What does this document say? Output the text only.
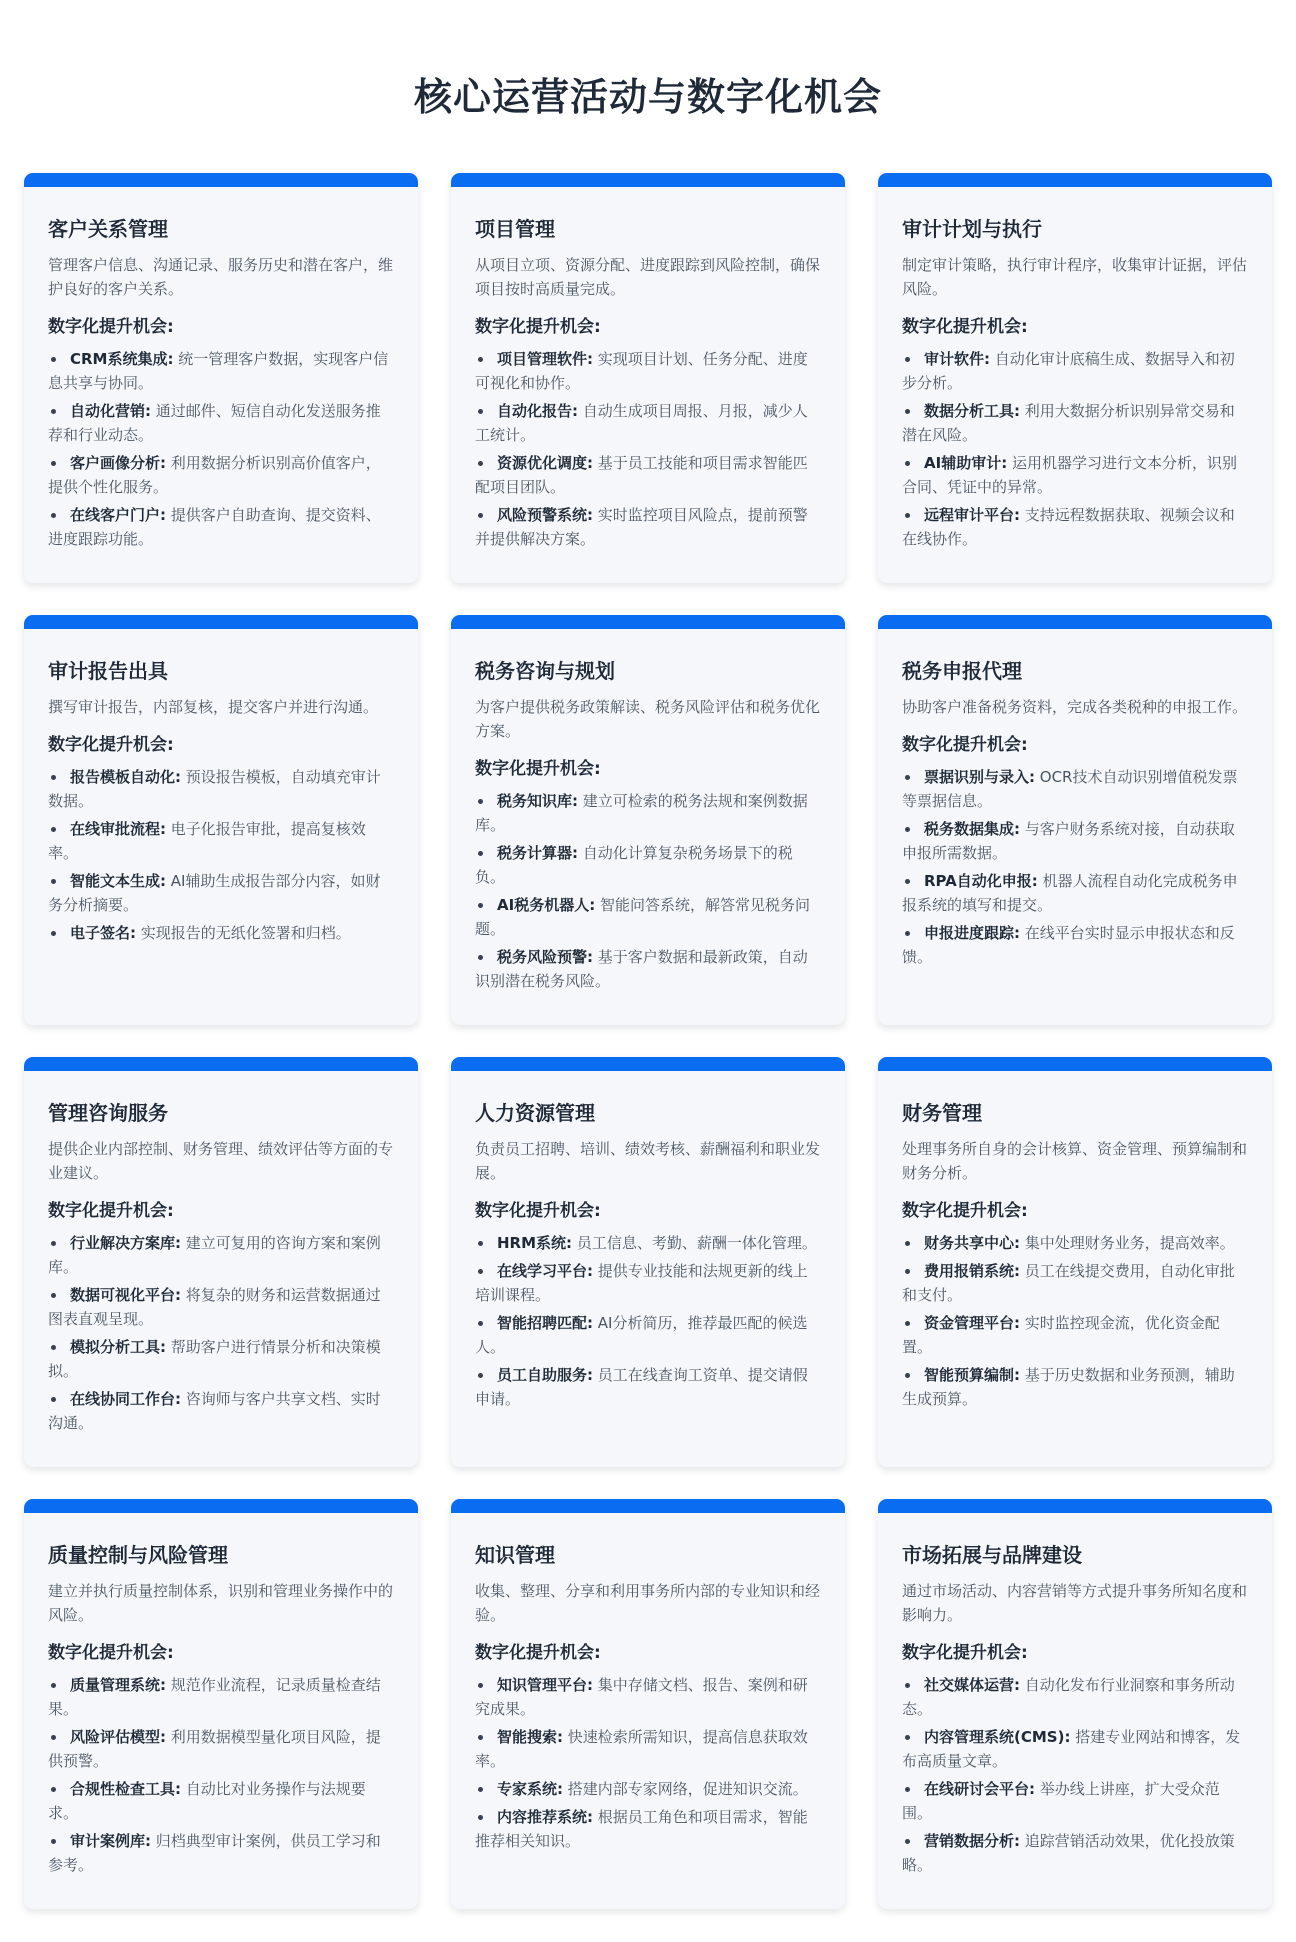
核心运营活动与数字化机会
客户关系管理

管理客户信息、沟通记录、服务历史和潜在客户，维护良好的客户关系。

数字化提升机会:
CRM系统集成: 统一管理客户数据，实现客户信息共享与协同。
自动化营销: 通过邮件、短信自动化发送服务推荐和行业动态。
客户画像分析: 利用数据分析识别高价值客户，提供个性化服务。
在线客户门户: 提供客户自助查询、提交资料、进度跟踪功能。
项目管理

从项目立项、资源分配、进度跟踪到风险控制，确保项目按时高质量完成。

数字化提升机会:
项目管理软件: 实现项目计划、任务分配、进度可视化和协作。
自动化报告: 自动生成项目周报、月报，减少人工统计。
资源优化调度: 基于员工技能和项目需求智能匹配项目团队。
风险预警系统: 实时监控项目风险点，提前预警并提供解决方案。
审计计划与执行

制定审计策略，执行审计程序，收集审计证据，评估风险。

数字化提升机会:
审计软件: 自动化审计底稿生成、数据导入和初步分析。
数据分析工具: 利用大数据分析识别异常交易和潜在风险。
AI辅助审计: 运用机器学习进行文本分析，识别合同、凭证中的异常。
远程审计平台: 支持远程数据获取、视频会议和在线协作。
审计报告出具

撰写审计报告，内部复核，提交客户并进行沟通。

数字化提升机会:
报告模板自动化: 预设报告模板，自动填充审计数据。
在线审批流程: 电子化报告审批，提高复核效率。
智能文本生成: AI辅助生成报告部分内容，如财务分析摘要。
电子签名: 实现报告的无纸化签署和归档。
税务咨询与规划

为客户提供税务政策解读、税务风险评估和税务优化方案。

数字化提升机会:
税务知识库: 建立可检索的税务法规和案例数据库。
税务计算器: 自动化计算复杂税务场景下的税负。
AI税务机器人: 智能问答系统，解答常见税务问题。
税务风险预警: 基于客户数据和最新政策，自动识别潜在税务风险。
税务申报代理

协助客户准备税务资料，完成各类税种的申报工作。

数字化提升机会:
票据识别与录入: OCR技术自动识别增值税发票等票据信息。
税务数据集成: 与客户财务系统对接，自动获取申报所需数据。
RPA自动化申报: 机器人流程自动化完成税务申报系统的填写和提交。
申报进度跟踪: 在线平台实时显示申报状态和反馈。
管理咨询服务

提供企业内部控制、财务管理、绩效评估等方面的专业建议。

数字化提升机会:
行业解决方案库: 建立可复用的咨询方案和案例库。
数据可视化平台: 将复杂的财务和运营数据通过图表直观呈现。
模拟分析工具: 帮助客户进行情景分析和决策模拟。
在线协同工作台: 咨询师与客户共享文档、实时沟通。
人力资源管理

负责员工招聘、培训、绩效考核、薪酬福利和职业发展。

数字化提升机会:
HRM系统: 员工信息、考勤、薪酬一体化管理。
在线学习平台: 提供专业技能和法规更新的线上培训课程。
智能招聘匹配: AI分析简历，推荐最匹配的候选人。
员工自助服务: 员工在线查询工资单、提交请假申请。
财务管理

处理事务所自身的会计核算、资金管理、预算编制和财务分析。

数字化提升机会:
财务共享中心: 集中处理财务业务，提高效率。
费用报销系统: 员工在线提交费用，自动化审批和支付。
资金管理平台: 实时监控现金流，优化资金配置。
智能预算编制: 基于历史数据和业务预测，辅助生成预算。
质量控制与风险管理

建立并执行质量控制体系，识别和管理业务操作中的风险。

数字化提升机会:
质量管理系统: 规范作业流程，记录质量检查结果。
风险评估模型: 利用数据模型量化项目风险，提供预警。
合规性检查工具: 自动比对业务操作与法规要求。
审计案例库: 归档典型审计案例，供员工学习和参考。
知识管理

收集、整理、分享和利用事务所内部的专业知识和经验。

数字化提升机会:
知识管理平台: 集中存储文档、报告、案例和研究成果。
智能搜索: 快速检索所需知识，提高信息获取效率。
专家系统: 搭建内部专家网络，促进知识交流。
内容推荐系统: 根据员工角色和项目需求，智能推荐相关知识。
市场拓展与品牌建设

通过市场活动、内容营销等方式提升事务所知名度和影响力。

数字化提升机会:
社交媒体运营: 自动化发布行业洞察和事务所动态。
内容管理系统(CMS): 搭建专业网站和博客，发布高质量文章。
在线研讨会平台: 举办线上讲座，扩大受众范围。
营销数据分析: 追踪营销活动效果，优化投放策略。
